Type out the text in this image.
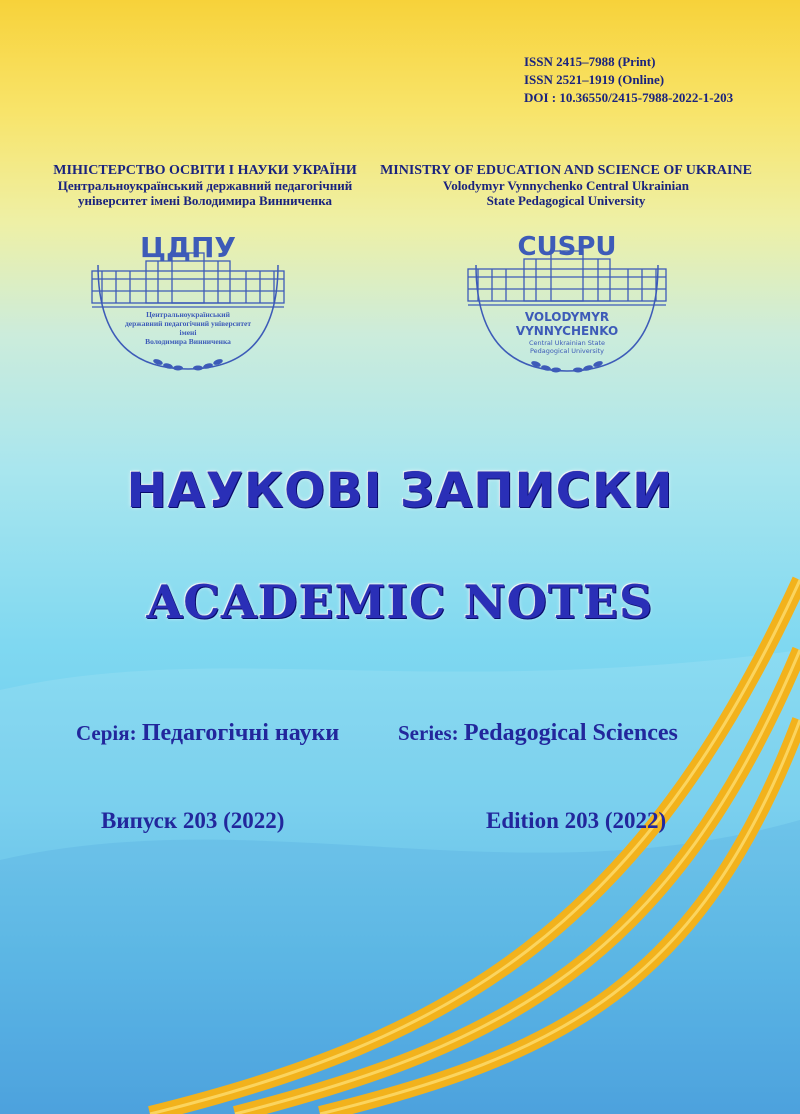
ISSN 2415–7988 (Print)
ISSN 2521–1919 (Online)
DOI : 10.36550/2415-7988-2022-1-203
МІНІСТЕРСТВО ОСВІТИ І НАУКИ УКРАЇНИ
Центральноукраїнський державний педагогічний
університет імені Володимира Винниченка
MINISTRY OF EDUCATION AND SCIENCE OF UKRAINE
Volodymyr Vynnychenko Central Ukrainian
State Pedagogical University
ЦДПУ
Центральноукраїнський
державний педагогічний університет
імені
Володимира Винниченка
CUSPU
VOLODYMYR
VYNNYCHENKO
Central Ukrainian State
Pedagogical University
НАУКОВІ ЗАПИСКИ
ACADEMIC NOTES
Серія: Педагогічні науки	Series: Pedagogical Sciences
Випуск 203 (2022)	Edition 203 (2022)
